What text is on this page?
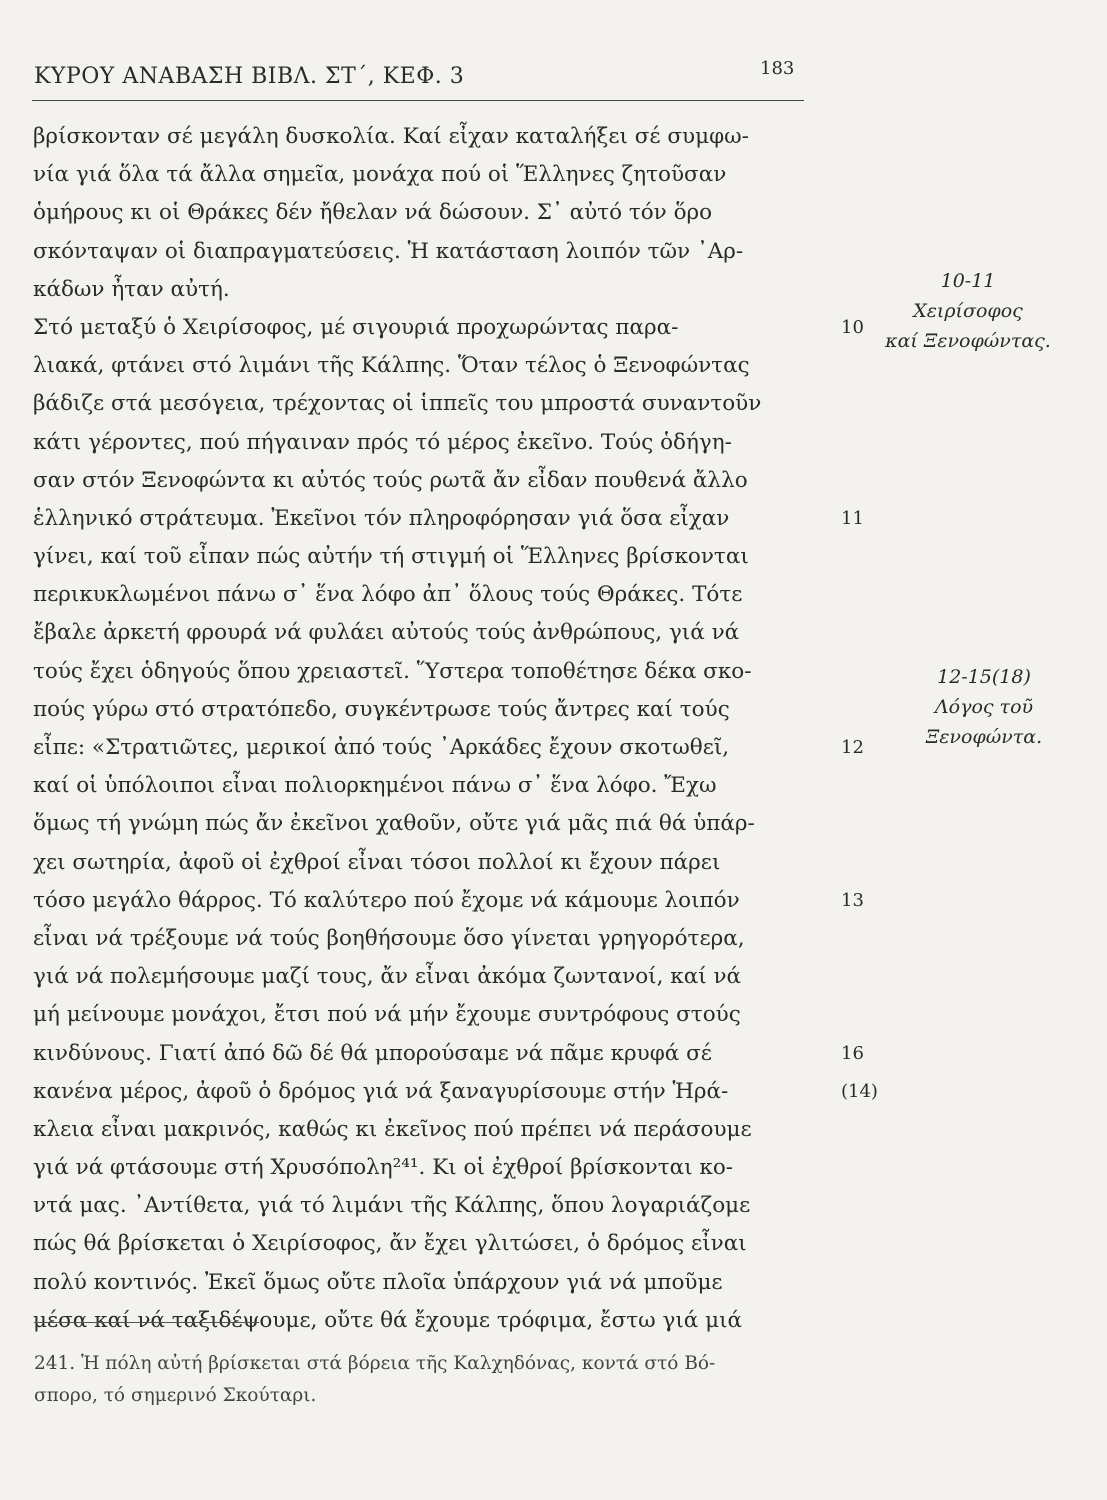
ΚΥΡΟΥ ΑΝΑΒΑΣΗ ΒΙΒΛ. ΣΤ΄, ΚΕΦ. 3	183
βρίσκονταν σέ μεγάλη δυσκολία. Καί εἶχαν καταλήξει σέ συμφω-
νία γιά ὅλα τά ἄλλα σημεῖα, μονάχα πού οἱ Ἕλληνες ζητοῦσαν
ὁμήρους κι οἱ Θράκες δέν ἤθελαν νά δώσουν. Σ᾽ αὐτό τόν ὅρο
σκόνταψαν οἱ διαπραγματεύσεις. Ἡ κατάσταση λοιπόν τῶν ᾽Αρ-
κάδων ἦταν αὐτή.
Στό μεταξύ ὁ Χειρίσοφος, μέ σιγουριά προχωρώντας παρα-	10
λιακά, φτάνει στό λιμάνι τῆς Κάλπης. Ὅταν τέλος ὁ Ξενοφώντας
βάδιζε στά μεσόγεια, τρέχοντας οἱ ἱππεῖς του μπροστά συναντοῦν
κάτι γέροντες, πού πήγαιναν πρός τό μέρος ἐκεῖνο. Τούς ὁδήγη-
σαν στόν Ξενοφώντα κι αὐτός τούς ρωτᾶ ἄν εἶδαν πουθενά ἄλλο
ἑλληνικό στράτευμα. Ἐκεῖνοι τόν πληροφόρησαν γιά ὅσα εἶχαν	11
γίνει, καί τοῦ εἶπαν πώς αὐτήν τή στιγμή οἱ Ἕλληνες βρίσκονται
περικυκλωμένοι πάνω σ᾽ ἕνα λόφο ἀπ᾽ ὅλους τούς Θράκες. Τότε
ἔβαλε ἀρκετή φρουρά νά φυλάει αὐτούς τούς ἀνθρώπους, γιά νά
τούς ἔχει ὁδηγούς ὅπου χρειαστεῖ. Ὕστερα τοποθέτησε δέκα σκο-
πούς γύρω στό στρατόπεδο, συγκέντρωσε τούς ἄντρες καί τούς
εἶπε: «Στρατιῶτες, μερικοί ἀπό τούς ᾽Αρκάδες ἔχουν σκοτωθεῖ,	12
καί οἱ ὑπόλοιποι εἶναι πολιορκημένοι πάνω σ᾽ ἕνα λόφο. Ἔχω
ὅμως τή γνώμη πώς ἄν ἐκεῖνοι χαθοῦν, οὔτε γιά μᾶς πιά θά ὑπάρ-
χει σωτηρία, ἀφοῦ οἱ ἐχθροί εἶναι τόσοι πολλοί κι ἔχουν πάρει
τόσο μεγάλο θάρρος. Τό καλύτερο πού ἔχομε νά κάμουμε λοιπόν	13
εἶναι νά τρέξουμε νά τούς βοηθήσουμε ὅσο γίνεται γρηγορότερα,
γιά νά πολεμήσουμε μαζί τους, ἄν εἶναι ἀκόμα ζωντανοί, καί νά
μή μείνουμε μονάχοι, ἔτσι πού νά μήν ἔχουμε συντρόφους στούς
κινδύνους. Γιατί ἀπό δῶ δέ θά μπορούσαμε νά πᾶμε κρυφά σέ	16
κανένα μέρος, ἀφοῦ ὁ δρόμος γιά νά ξαναγυρίσουμε στήν Ἡρά-	(14)
κλεια εἶναι μακρινός, καθώς κι ἐκεῖνος πού πρέπει νά περάσουμε
γιά νά φτάσουμε στή Χρυσόπολη²⁴¹. Κι οἱ ἐχθροί βρίσκονται κο-
ντά μας. ᾽Αντίθετα, γιά τό λιμάνι τῆς Κάλπης, ὅπου λογαριάζομε
πώς θά βρίσκεται ὁ Χειρίσοφος, ἄν ἔχει γλιτώσει, ὁ δρόμος εἶναι
πολύ κοντινός. Ἐκεῖ ὅμως οὔτε πλοῖα ὑπάρχουν γιά νά μποῦμε
μέσα καί νά ταξιδέψουμε, οὔτε θά ἔχουμε τρόφιμα, ἔστω γιά μιά
10-11
Χειρίσοφος
καί Ξενοφώντας.
12-15(18)
Λόγος τοῦ
Ξενοφώντα.
241. Ἡ πόλη αὐτή βρίσκεται στά βόρεια τῆς Καλχηδόνας, κοντά στό Βό-
σπορο, τό σημερινό Σκούταρι.
